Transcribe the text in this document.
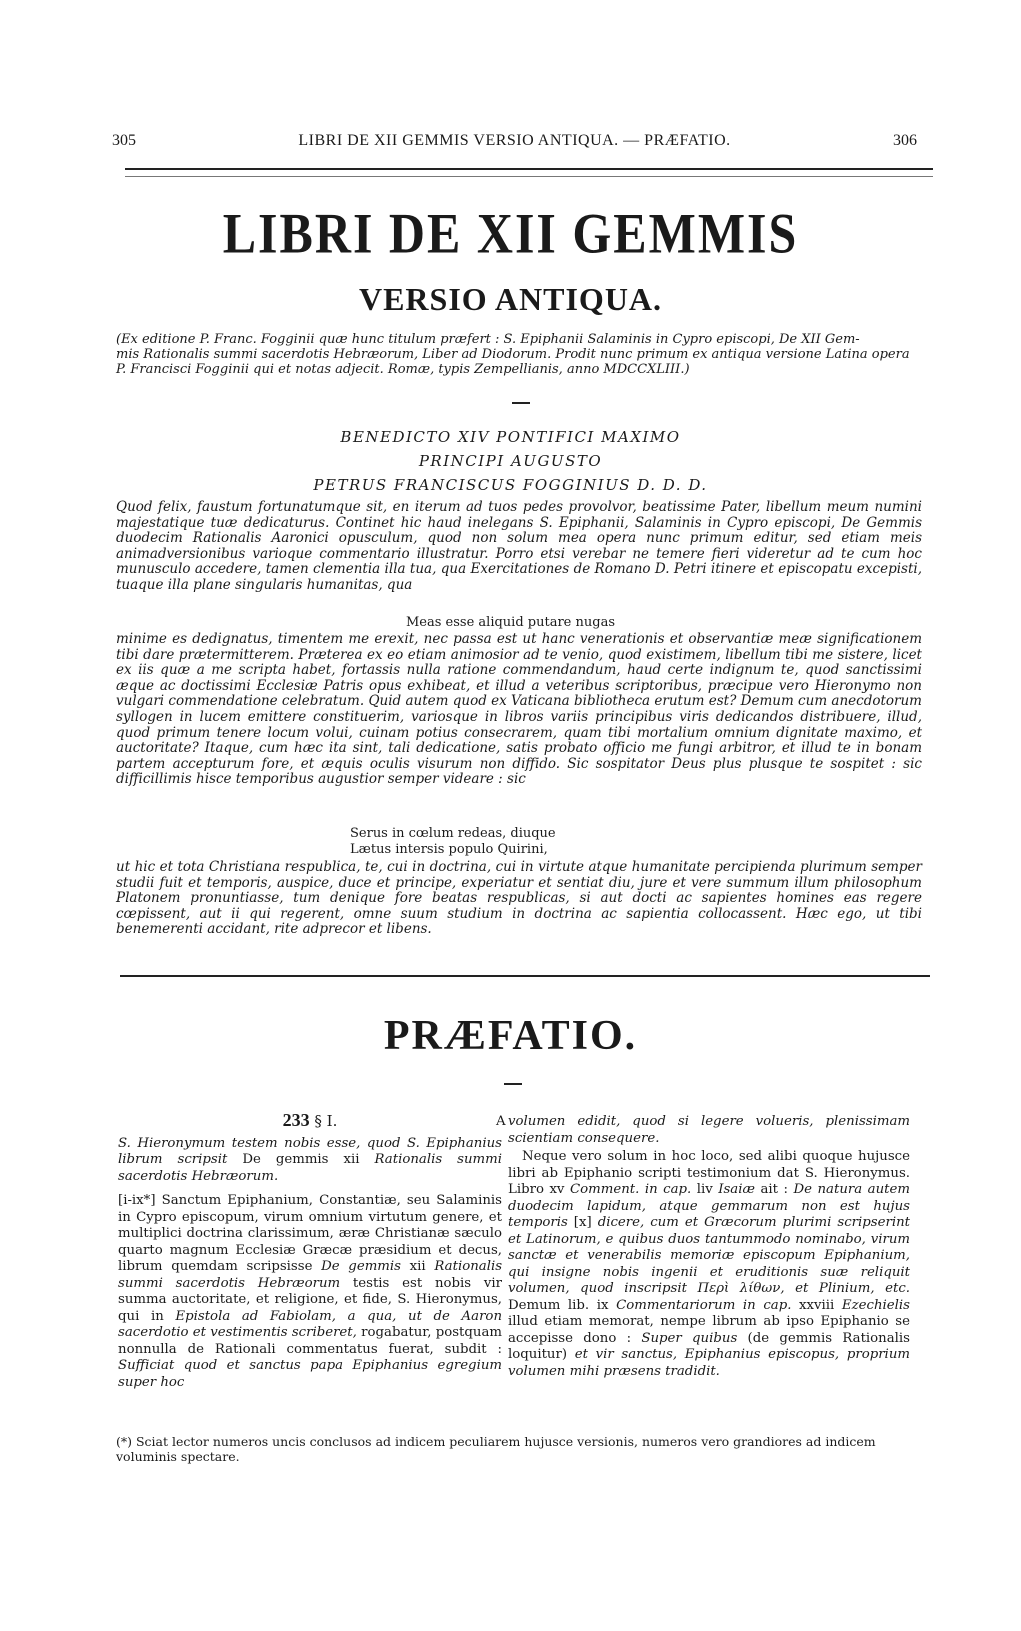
305	LIBRI DE XII GEMMIS VERSIO ANTIQUA. — PRÆFATIO.	306
LIBRI DE XII GEMMIS
VERSIO ANTIQUA.
(Ex editione P. Franc. Fogginii quæ hunc titulum præfert : S. Epiphanii Salaminis in Cypro episcopi, De XII Gem-
mis Rationalis summi sacerdotis Hebræorum, Liber ad Diodorum. Prodit nunc primum ex antiqua versione Latina opera
P. Francisci Fogginii qui et notas adjecit. Romæ, typis Zempellianis, anno MDCCXLIII.)
BENEDICTO XIV PONTIFICI MAXIMO
PRINCIPI AUGUSTO
PETRUS FRANCISCUS FOGGINIUS D. D. D.
Quod felix, faustum fortunatumque sit, en iterum ad tuos pedes provolvor, beatissime Pater, libellum meum numini majestatique tuæ dedicaturus. Continet hic haud inelegans S. Epiphanii, Salaminis in Cypro episcopi, De Gemmis duodecim Rationalis Aaronici opusculum, quod non solum mea opera nunc primum editur, sed etiam meis animadversionibus varioque commentario illustratur. Porro etsi verebar ne temere fieri videretur ad te cum hoc munusculo accedere, tamen clementia illa tua, qua Exercitationes de Romano D. Petri itinere et episcopatu excepisti, tuaque illa plane singularis humanitas, qua
Meas esse aliquid putare nugas
minime es dedignatus, timentem me erexit, nec passa est ut hanc venerationis et observantiæ meæ significationem tibi dare prætermitterem. Præterea ex eo etiam animosior ad te venio, quod existimem, libellum tibi me sistere, licet ex iis quæ a me scripta habet, fortassis nulla ratione commendandum, haud certe indignum te, quod sanctissimi æque ac doctissimi Ecclesiæ Patris opus exhibeat, et illud a veteribus scriptoribus, præcipue vero Hieronymo non vulgari commendatione celebratum. Quid autem quod ex Vaticana bibliotheca erutum est? Demum cum anecdotorum syllogen in lucem emittere constituerim, variosque in libros variis principibus viris dedicandos distribuere, illud, quod primum tenere locum volui, cuinam potius consecrarem, quam tibi mortalium omnium dignitate maximo, et auctoritate? Itaque, cum hæc ita sint, tali dedicatione, satis probato officio me fungi arbitror, et illud te in bonam partem accepturum fore, et æquis oculis visurum non diffido. Sic sospitator Deus plus plusque te sospitet : sic difficillimis hisce temporibus augustior semper videare : sic
Serus in cœlum redeas, diuque
Lætus intersis populo Quirini,
ut hic et tota Christiana respublica, te, cui in doctrina, cui in virtute atque humanitate percipienda plurimum semper studii fuit et temporis, auspice, duce et principe, experiatur et sentiat diu, jure et vere summum illum philosophum Platonem pronuntiasse, tum denique fore beatas respublicas, si aut docti ac sapientes homines eas regere cœpissent, aut ii qui regerent, omne suum studium in doctrina ac sapientia collocassent. Hæc ego, ut tibi benemerenti accidant, rite adprecor et libens.
PRÆFATIO.
233 § I.
S. Hieronymum testem nobis esse, quod S. Epiphanius librum scripsit De gemmis xii Rationalis summi sacerdotis Hebræorum.
[i-ix*] Sanctum Epiphanium, Constantiæ, seu Salaminis in Cypro episcopum, virum omnium virtutum genere, et multiplici doctrina clarissimum, æræ Christianæ sæculo quarto magnum Ecclesiæ Græcæ præsidium et decus, librum quemdam scripsisse De gemmis xii Rationalis summi sacerdotis Hebræorum testis est nobis vir summa auctoritate, et religione, et fide, S. Hieronymus, qui in Epistola ad Fabiolam, a qua, ut de Aaron sacerdotio et vestimentis scriberet, rogabatur, postquam nonnulla de Rationali commentatus fuerat, subdit : Sufficiat quod et sanctus papa Epiphanius egregium super hoc
A volumen edidit, quod si legere volueris, plenissimam scientiam consequere.
Neque vero solum in hoc loco, sed alibi quoque hujusce libri ab Epiphanio scripti testimonium dat S. Hieronymus. Libro xv Comment. in cap. liv Isaiæ ait : De natura autem duodecim lapidum, atque gemmarum non est hujus temporis [x] dicere, cum et Græcorum plurimi scripserint et Latinorum, e quibus duos tantummodo nominabo, virum sanctæ et venerabilis memoriæ episcopum Epiphanium, qui insigne nobis ingenii et eruditionis suæ reliquit volumen, quod inscripsit Περὶ λίθων, et Plinium, etc. Demum lib. ix Commentariorum in cap. xxviii Ezechielis illud etiam memorat, nempe librum ab ipso Epiphanio se accepisse dono : Super quibus (de gemmis Rationalis loquitur) et vir sanctus, Epiphanius episcopus, proprium volumen mihi præsens tradidit.
(*) Sciat lector numeros uncis conclusos ad indicem peculiarem hujusce versionis, numeros vero grandiores ad indicem voluminis spectare.
